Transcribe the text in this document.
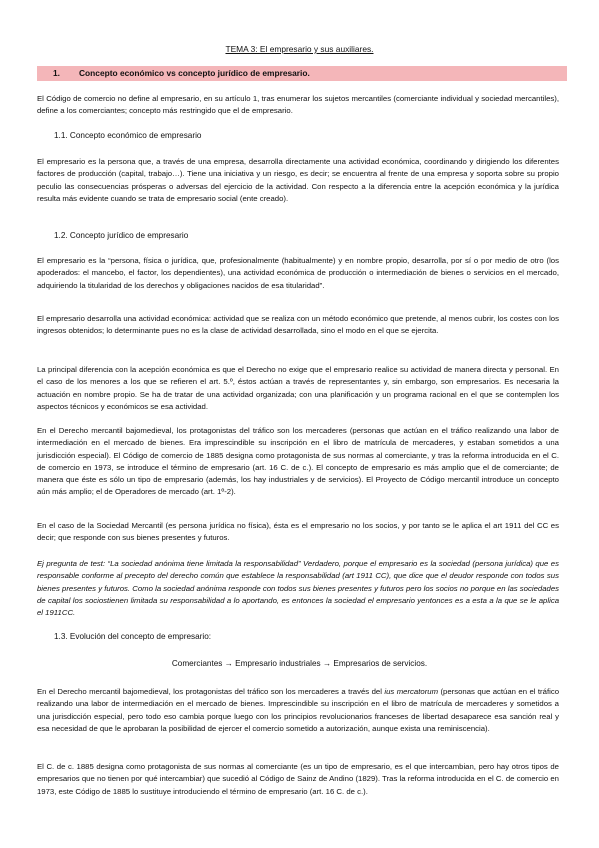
TEMA 3: El empresario y sus auxiliares.
1. Concepto económico vs concepto jurídico de empresario.

El Código de comercio no define al empresario, en su artículo 1, tras enumerar los sujetos mercantiles (comerciante individual y sociedad mercantiles), define a los comerciantes; concepto más restringido que el de empresario.

1.1. Concepto económico de empresario

El empresario es la persona que, a través de una empresa, desarrolla directamente una actividad económica, coordinando y dirigiendo los diferentes factores de producción (capital, trabajo…). Tiene una iniciativa y un riesgo, es decir; se encuentra al frente de una empresa y soporta sobre su propio peculio las consecuencias prósperas o adversas del ejercicio de la actividad. Con respecto a la diferencia entre la acepción económica y la jurídica resulta más evidente cuando se trata de empresario social (ente creado).

1.2. Concepto jurídico de empresario

El empresario es la “persona, física o jurídica, que, profesionalmente (habitualmente) y en nombre propio, desarrolla, por sí o por medio de otro (los apoderados: el mancebo, el factor, los dependientes), una actividad económica de producción o intermediación de bienes o servicios en el mercado, adquiriendo la titularidad de los derechos y obligaciones nacidos de esa titularidad”.

El empresario desarrolla una actividad económica: actividad que se realiza con un método económico que pretende, al menos cubrir, los costes con los ingresos obtenidos; lo determinante pues no es la clase de actividad desarrollada, sino el modo en el que se ejercita.

La principal diferencia con la acepción económica es que el Derecho no exige que el empresario realice su actividad de manera directa y personal. En el caso de los menores a los que se refieren el art. 5.º, éstos actúan a través de representantes y, sin embargo, son empresarios. Es necesaria la actuación en nombre propio. Se ha de tratar de una actividad organizada; con una planificación y un programa racional en el que se contemplen los aspectos técnicos y económicos se esa actividad.

En el Derecho mercantil bajomedieval, los protagonistas del tráfico son los mercaderes (personas que actúan en el tráfico realizando una labor de intermediación en el mercado de bienes. Era imprescindible su inscripción en el libro de matrícula de mercaderes, y estaban sometidos a una jurisdicción especial). El Código de comercio de 1885 designa como protagonista de sus normas al comerciante, y tras la reforma introducida en el C. de comercio en 1973, se introduce el término de empresario (art. 16 C. de c.). El concepto de empresario es más amplio que el de comerciante; de manera que éste es sólo un tipo de empresario (además, los hay industriales y de servicios). El Proyecto de Código mercantil introduce un concepto aún más amplio; el de Operadores de mercado (art. 1º-2).

En el caso de la Sociedad Mercantil (es persona jurídica no física), ésta es el empresario no los socios, y por tanto se le aplica el art 1911 del CC es decir; que responde con sus bienes presentes y futuros.

Ej pregunta de test: “La sociedad anónima tiene limitada la responsabilidad” Verdadero, porque el empresario es la sociedad (persona jurídica) que es responsable conforme al precepto del derecho común que establece la responsabilidad (art 1911 CC), que dice que el deudor responde con todos sus bienes presentes y futuros. Como la sociedad anónima responde con todos sus bienes presentes y futuros pero los socios no porque en las sociedades de capital los sociostienen limitada su responsabilidad a lo aportando, es entonces la sociedad el empresario yentonces es a esta a la que se le aplica el 1911CC.

1.3. Evolución del concepto de empresario:
Comerciantes → Empresario industriales → Empresarios de servicios.

En el Derecho mercantil bajomedieval, los protagonistas del tráfico son los mercaderes a través del ius mercatorum (personas que actúan en el tráfico realizando una labor de intermediación en el mercado de bienes. Imprescindible su inscripción en el libro de matrícula de mercaderes y sometidos a una jurisdicción especial, pero todo eso cambia porque luego con los principios revolucionarios franceses de libertad desaparece esa sanción real y esa necesidad de que le aprobaran la posibilidad de ejercer el comercio sometido a autorización, aunque exista una reminiscencia).

El C. de c. 1885 designa como protagonista de sus normas al comerciante (es un tipo de empresario, es el que intercambian, pero hay otros tipos de empresarios que no tienen por qué intercambiar) que sucedió al Código de Sainz de Andino (1829). Tras la reforma introducida en el C. de comercio en 1973, este Código de 1885 lo sustituye introduciendo el término de empresario (art. 16 C. de c.).
